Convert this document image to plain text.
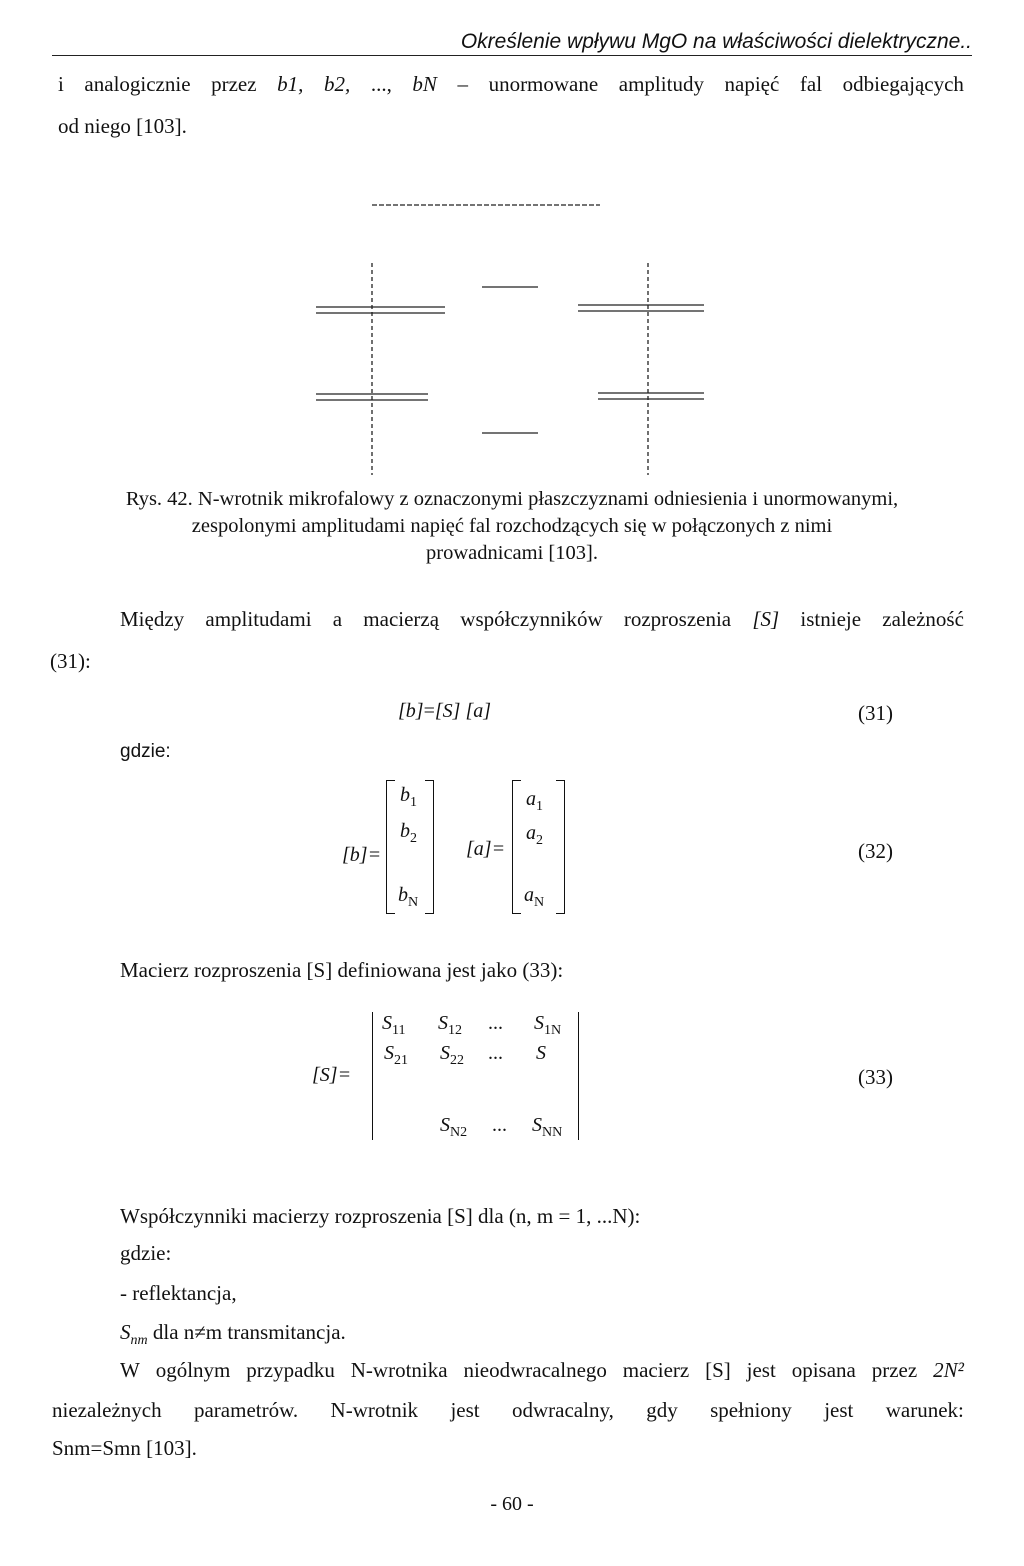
Określenie wpływu MgO na właściwości dielektryczne..
i analogicznie przez b1, b2, ..., bN – unormowane amplitudy napięć fal odbiegających
od niego [103].
Rys. 42. N-wrotnik mikrofalowy z oznaczonymi płaszczyznami odniesienia i unormowanymi,
zespolonymi amplitudami napięć fal rozchodzących się w połączonych z nimi
prowadnicami [103].
Między amplitudami a macierzą współczynników rozproszenia [S] istnieje zależność
(31):
[b]=[S] [a]	(31)
gdzie:
[b]=
$b_1$
$b_2$
$b_N$
[a]=
$a_1$
$a_2$
$a_N$
(32)
Macierz rozproszenia [S] definiowana jest jako (33):
[S]=
$S_{11}$ $S_{12}$ ... $S_{1N}$
$S_{21}$ $S_{22}$ ... S
$S_{N2}$ ... $S_{NN}$
(33)
Współczynniki macierzy rozproszenia [S] dla (n, m = 1, ...N):
gdzie:
- reflektancja,
$S_{nm}$ dla n≠m transmitancja.
W ogólnym przypadku N-wrotnika nieodwracalnego macierz [S] jest opisana przez 2N²
niezależnych parametrów. N-wrotnik jest odwracalny, gdy spełniony jest warunek:
Snm=Smn [103].
- 60 -
